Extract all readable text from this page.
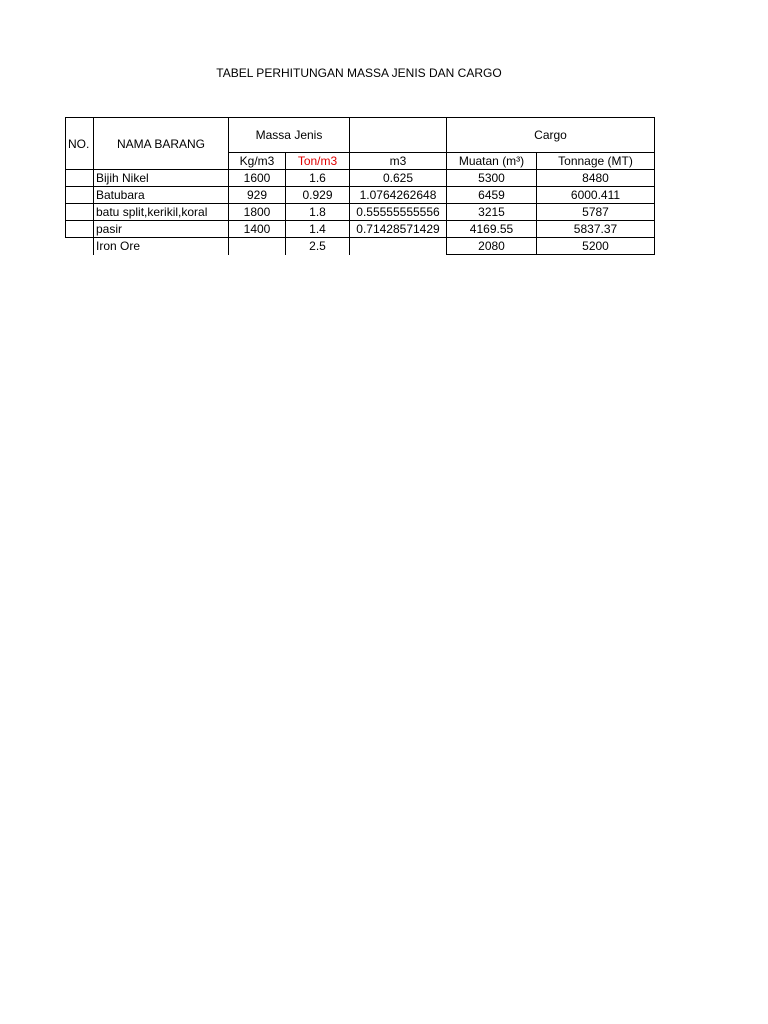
TABEL PERHITUNGAN MASSA JENIS DAN CARGO
NO.	NAMA BARANG	Massa Jenis			Cargo	
		Kg/m3	Ton/m3	m3	Muatan (m³)	Tonnage (MT)
	Bijih Nikel	1600	1.6	0.625	5300	8480
	Batubara	929	0.929	1.0764262648	6459	6000.411
	batu split,kerikil,koral	1800	1.8	0.55555555556	3215	5787
	pasir	1400	1.4	0.71428571429	4169.55	5837.37
	Iron Ore		2.5		2080	5200
